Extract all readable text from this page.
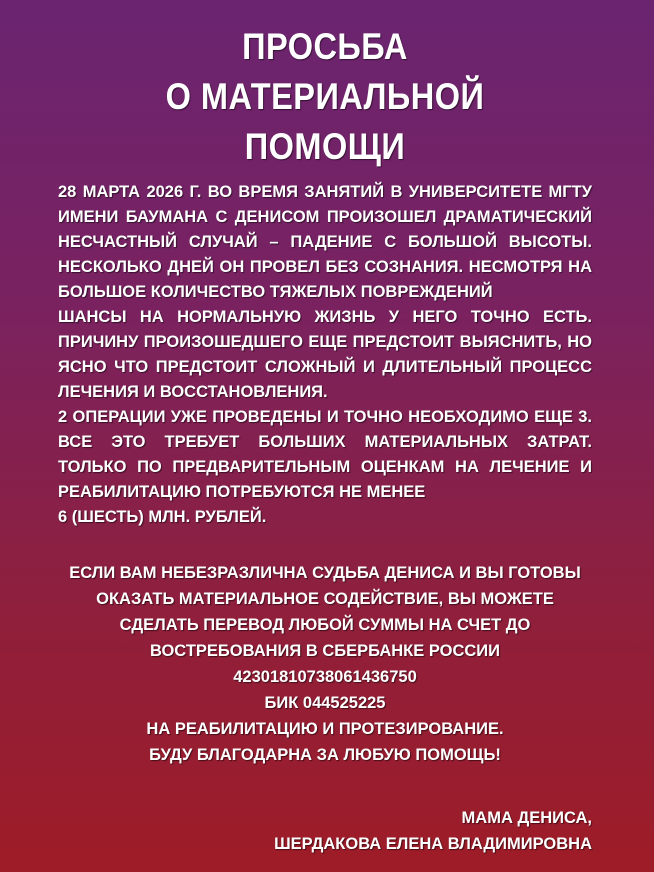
ПРОСЬБА
О МАТЕРИАЛЬНОЙ ПОМОЩИ

28 МАРТА 2026 Г. ВО ВРЕМЯ ЗАНЯТИЙ В УНИВЕРСИТЕТЕ МГТУ ИМЕНИ БАУМАНА С ДЕНИСОМ ПРОИЗОШЕЛ ДРАМАТИЧЕСКИЙ НЕСЧАСТНЫЙ СЛУЧАЙ – ПАДЕНИЕ С БОЛЬШОЙ ВЫСОТЫ. НЕСКОЛЬКО ДНЕЙ ОН ПРОВЕЛ БЕЗ СОЗНАНИЯ. НЕСМОТРЯ НА БОЛЬШОЕ КОЛИЧЕСТВО ТЯЖЕЛЫХ ПОВРЕЖДЕНИЙ

ШАНСЫ НА НОРМАЛЬНУЮ ЖИЗНЬ У НЕГО ТОЧНО ЕСТЬ. ПРИЧИНУ ПРОИЗОШЕДШЕГО ЕЩЕ ПРЕДСТОИТ ВЫЯСНИТЬ, НО ЯСНО ЧТО ПРЕДСТОИТ СЛОЖНЫЙ И ДЛИТЕЛЬНЫЙ ПРОЦЕСС ЛЕЧЕНИЯ И ВОССТАНОВЛЕНИЯ.

2 ОПЕРАЦИИ УЖЕ ПРОВЕДЕНЫ И ТОЧНО НЕОБХОДИМО ЕЩЕ 3. ВСЕ ЭТО ТРЕБУЕТ БОЛЬШИХ МАТЕРИАЛЬНЫХ ЗАТРАТ. ТОЛЬКО ПО ПРЕДВАРИТЕЛЬНЫМ ОЦЕНКАМ НА ЛЕЧЕНИЕ И РЕАБИЛИТАЦИЮ ПОТРЕБУЮТСЯ НЕ МЕНЕЕ

6 (ШЕСТЬ) МЛН. РУБЛЕЙ.

ЕСЛИ ВАМ НЕБЕЗРАЗЛИЧНА СУДЬБА ДЕНИСА И ВЫ ГОТОВЫ ОКАЗАТЬ МАТЕРИАЛЬНОЕ СОДЕЙСТВИЕ, ВЫ МОЖЕТЕ СДЕЛАТЬ ПЕРЕВОД ЛЮБОЙ СУММЫ НА СЧЕТ ДО ВОСТРЕБОВАНИЯ В СБЕРБАНКЕ РОССИИ
42301810738061436750
БИК 044525225
НА РЕАБИЛИТАЦИЮ И ПРОТЕЗИРОВАНИЕ.
БУДУ БЛАГОДАРНА ЗА ЛЮБУЮ ПОМОЩЬ!
МАМА ДЕНИСА,
ШЕРДАКОВА ЕЛЕНА ВЛАДИМИРОВНА
